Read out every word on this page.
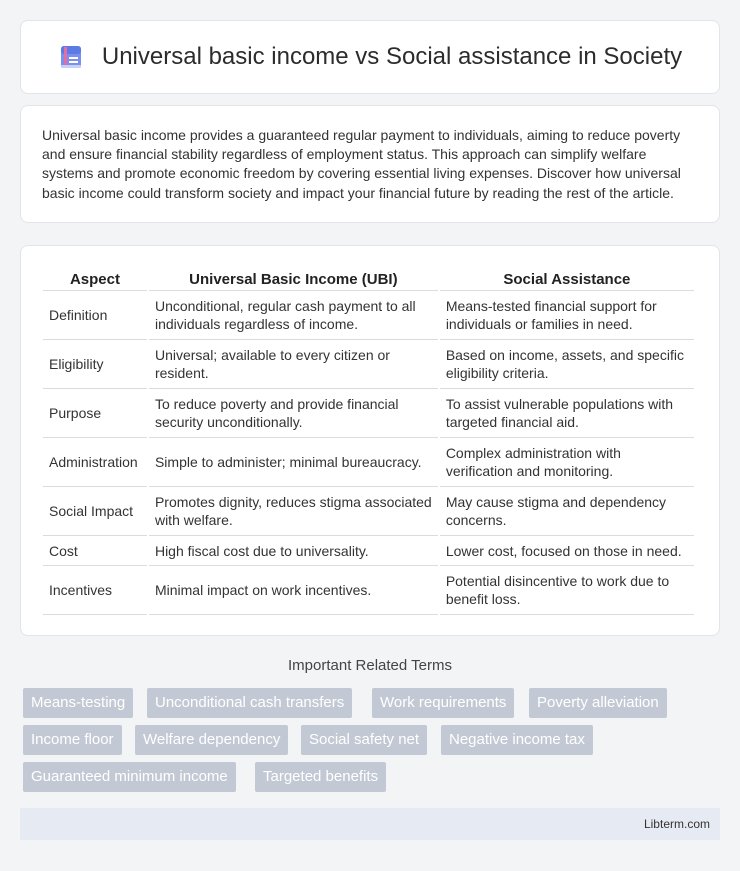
Universal basic income vs Social assistance in Society

Universal basic income provides a guaranteed regular payment to individuals, aiming to reduce poverty and ensure financial stability regardless of employment status. This approach can simplify welfare systems and promote economic freedom by covering essential living expenses. Discover how universal basic income could transform society and impact your financial future by reading the rest of the article.

Aspect	Universal Basic Income (UBI)	Social Assistance
Definition	Unconditional, regular cash payment to all individuals regardless of income.	Means-tested financial support for individuals or families in need.
Eligibility	Universal; available to every citizen or resident.	Based on income, assets, and specific eligibility criteria.
Purpose	To reduce poverty and provide financial security unconditionally.	To assist vulnerable populations with targeted financial aid.
Administration	Simple to administer; minimal bureaucracy.	Complex administration with verification and monitoring.
Social Impact	Promotes dignity, reduces stigma associated with welfare.	May cause stigma and dependency concerns.
Cost	High fiscal cost due to universality.	Lower cost, focused on those in need.
Incentives	Minimal impact on work incentives.	Potential disincentive to work due to benefit loss.
Important Related Terms
Means-testing	Unconditional cash transfers	Work requirements	Poverty alleviation
Income floor	Welfare dependency	Social safety net	Negative income tax
Guaranteed minimum income	Targeted benefits
Libterm.com
